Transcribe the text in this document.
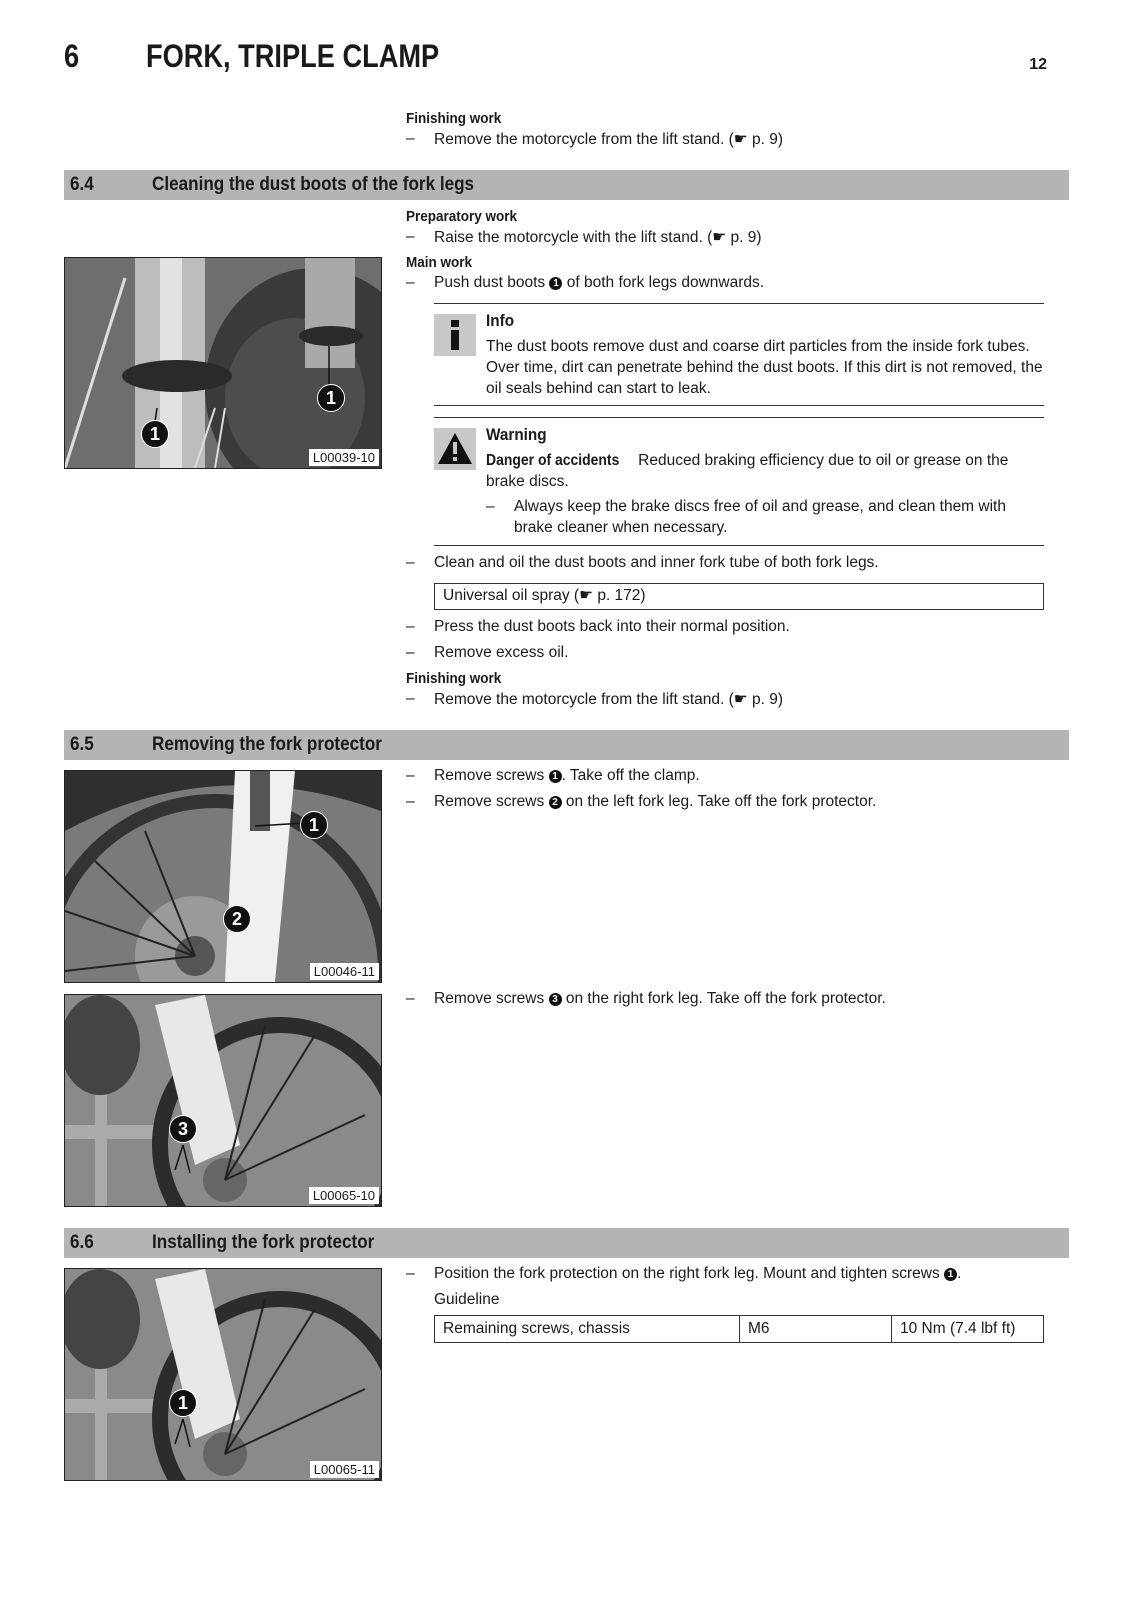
6 FORK, TRIPLE CLAMP	12
Finishing work
– Remove the motorcycle from the lift stand. (☛ p. 9)
6.4	Cleaning the dust boots of the fork legs
Preparatory work
– Raise the motorcycle with the lift stand. (☛ p. 9)
Main work
– Push dust boots 1 of both fork legs downwards.
1
1
L00039-10
Info
The dust boots remove dust and coarse dirt particles from the inside fork tubes. Over time, dirt can penetrate behind the dust boots. If this dirt is not removed, the oil seals behind can start to leak.
Warning
Danger of accidents Reduced braking efficiency due to oil or grease on the brake discs.
–	Always keep the brake discs free of oil and grease, and clean them with brake cleaner when necessary.
– Clean and oil the dust boots and inner fork tube of both fork legs.
Universal oil spray (☛ p. 172)
– Press the dust boots back into their normal position.
– Remove excess oil.
Finishing work
– Remove the motorcycle from the lift stand. (☛ p. 9)
6.5	Removing the fork protector
1
2
L00046-11
– Remove screws 1 . Take off the clamp.
– Remove screws 2 on the left fork leg. Take off the fork protector.
3
L00065-10
– Remove screws 3 on the right fork leg. Take off the fork protector.
6.6	Installing the fork protector
1
L00065-11
– Position the fork protection on the right fork leg. Mount and tighten screws 1 .
Guideline
Remaining screws, chassis	M6	10 Nm (7.4 lbf ft)
